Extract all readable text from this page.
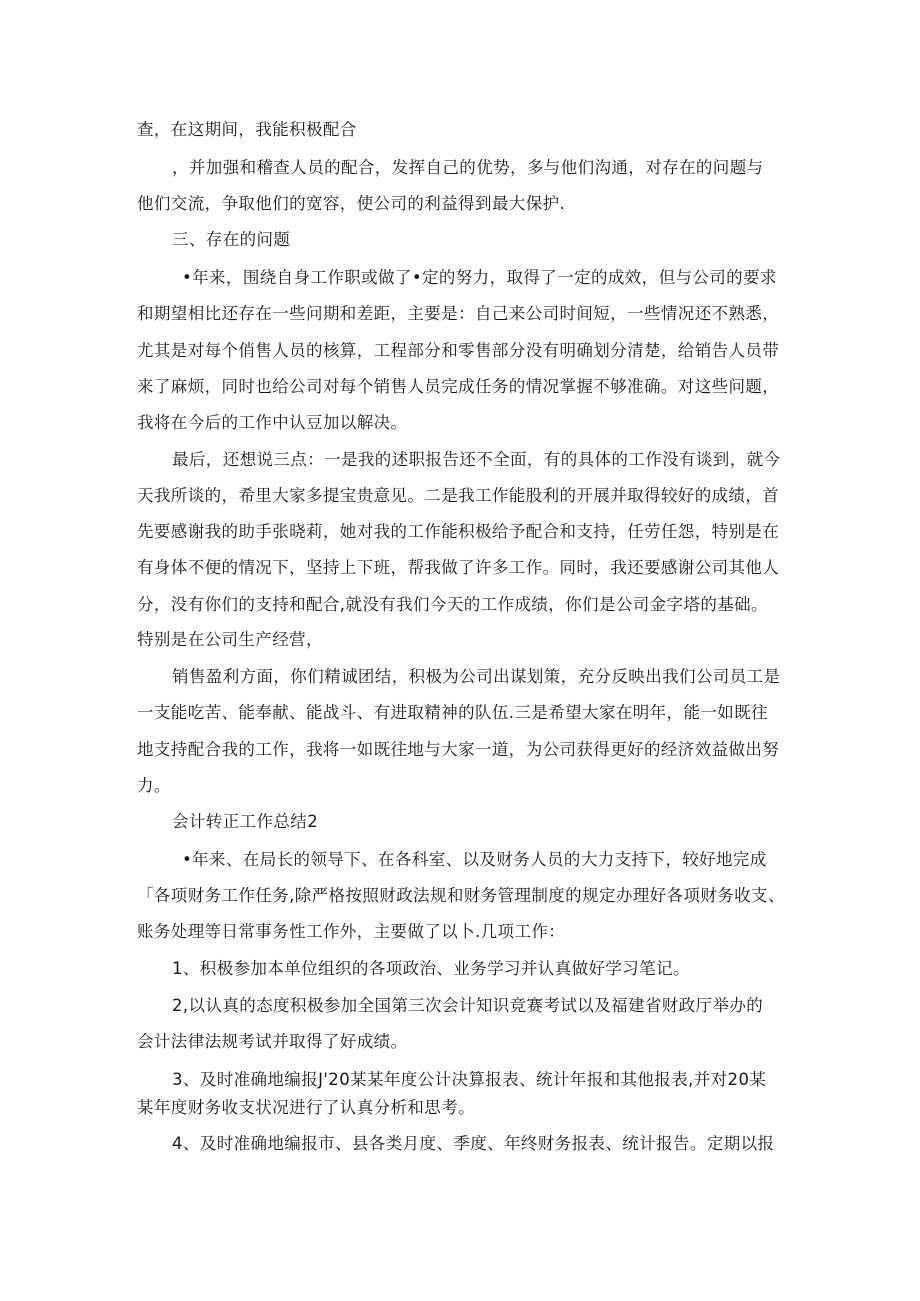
查，在这期间，我能积极配合
，并加强和稽查人员的配合，发挥自己的优势，多与他们沟通，对存在的问题与
他们交流，争取他们的宽容，使公司的利益得到最大保护.
三、存在的问题
•年来，围绕自身工作职或做了•定的努力，取得了一定的成效，但与公司的要求
和期望相比还存在一些问期和差距，主要是：自己来公司时间短，一些情况还不熟悉，
尤其是对每个俏售人员的核算，工程部分和零售部分没有明确划分清楚，给销告人员带
来了麻烦，同时也给公司对每个销售人员完成任务的情况掌握不够准确。对这些问题，
我将在今后的工作中认豆加以解决。
最后，还想说三点：一是我的述职报告还不全面，有的具体的工作没有谈到，就今
天我所谈的，希里大家多提宝贵意见。二是我工作能股利的开展并取得较好的成绩，首
先要感谢我的助手张晓莉，她对我的工作能积极给予配合和支持，任劳任怨，特别是在
有身体不便的情况下，坚持上下班，帮我做了许多工作。同时，我还要感谢公司其他人
分，没有你们的支持和配合,就没有我们今天的工作成绩，你们是公司金字塔的基础。
特别是在公司生产经营，
销售盈利方面，你们精诚团结，积极为公司出谋划策，充分反映出我们公司员工是
一支能吃苦、能奉献、能战斗、有进取精神的队伍.三是希望大家在明年，能一如既往
地支持配合我的工作，我将一如既往地与大家一道，为公司获得更好的经济效益做出努
力。
会计转正工作总结2
•年来、在局长的领导下、在各科室、以及财务人员的大力支持下，较好地完成
「各项财务工作任务,除严格按照财政法规和财务管理制度的规定办理好各项财务收支、
账务处理等日常事务性工作外，主要做了以卜.几项工作：
1、积极参加本单位组织的各项政治、业务学习并认真做好学习笔记。
2,以认真的态度积极参加全国第三次会计知识竞赛考试以及福建省财政厅举办的
会计法律法规考试并取得了好成绩。
3、及时准确地编报J'20某某年度公计决算报表、统计年报和其他报表,并对20某
某年度财务收支状况进行了认真分析和思考。
4、及时准确地编报市、县各类月度、季度、年终财务报表、统计报告。定期以报
